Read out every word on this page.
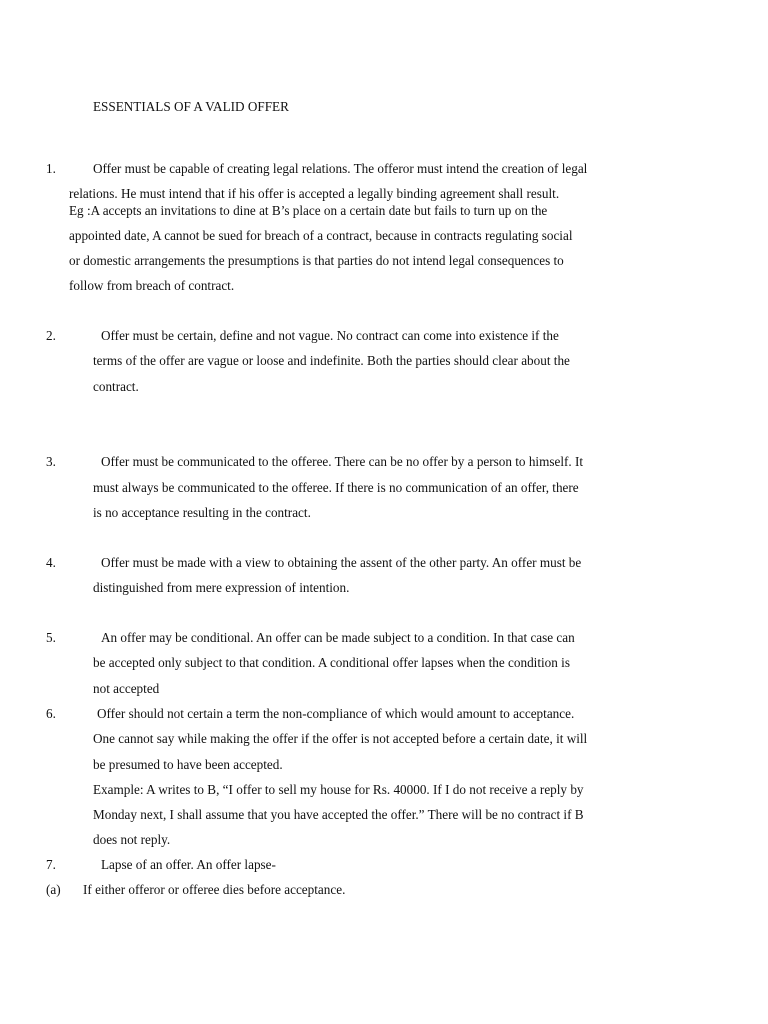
ESSENTIALS OF A VALID OFFER
1.	Offer must be capable of creating legal relations. The offeror must intend the creation of legal
relations. He must intend that if his offer is accepted a legally binding agreement shall result.
Eg :A accepts an invitations to dine at B’s place on a certain date but fails to turn up on the
appointed date, A cannot be sued for breach of a contract, because in contracts regulating social
or domestic arrangements the presumptions is that parties do not intend legal consequences to
follow from breach of contract.
2.	Offer must be certain, define and not vague. No contract can come into existence if the
terms of the offer are vague or loose and indefinite. Both the parties should clear about the
contract.
3.	Offer must be communicated to the offeree. There can be no offer by a person to himself. It
must always be communicated to the offeree. If there is no communication of an offer, there
is no acceptance resulting in the contract.
4.	Offer must be made with a view to obtaining the assent of the other party. An offer must be
distinguished from mere expression of intention.
5.	An offer may be conditional. An offer can be made subject to a condition. In that case can
be accepted only subject to that condition. A conditional offer lapses when the condition is
not accepted
6.	Offer should not certain a term the non-compliance of which would amount to acceptance.
One cannot say while making the offer if the offer is not accepted before a certain date, it will
be presumed to have been accepted.
Example: A writes to B, “I offer to sell my house for Rs. 40000. If I do not receive a reply by
Monday next, I shall assume that you have accepted the offer.” There will be no contract if B
does not reply.
7.	Lapse of an offer. An offer lapse-
(a) If either offeror or offeree dies before acceptance.
